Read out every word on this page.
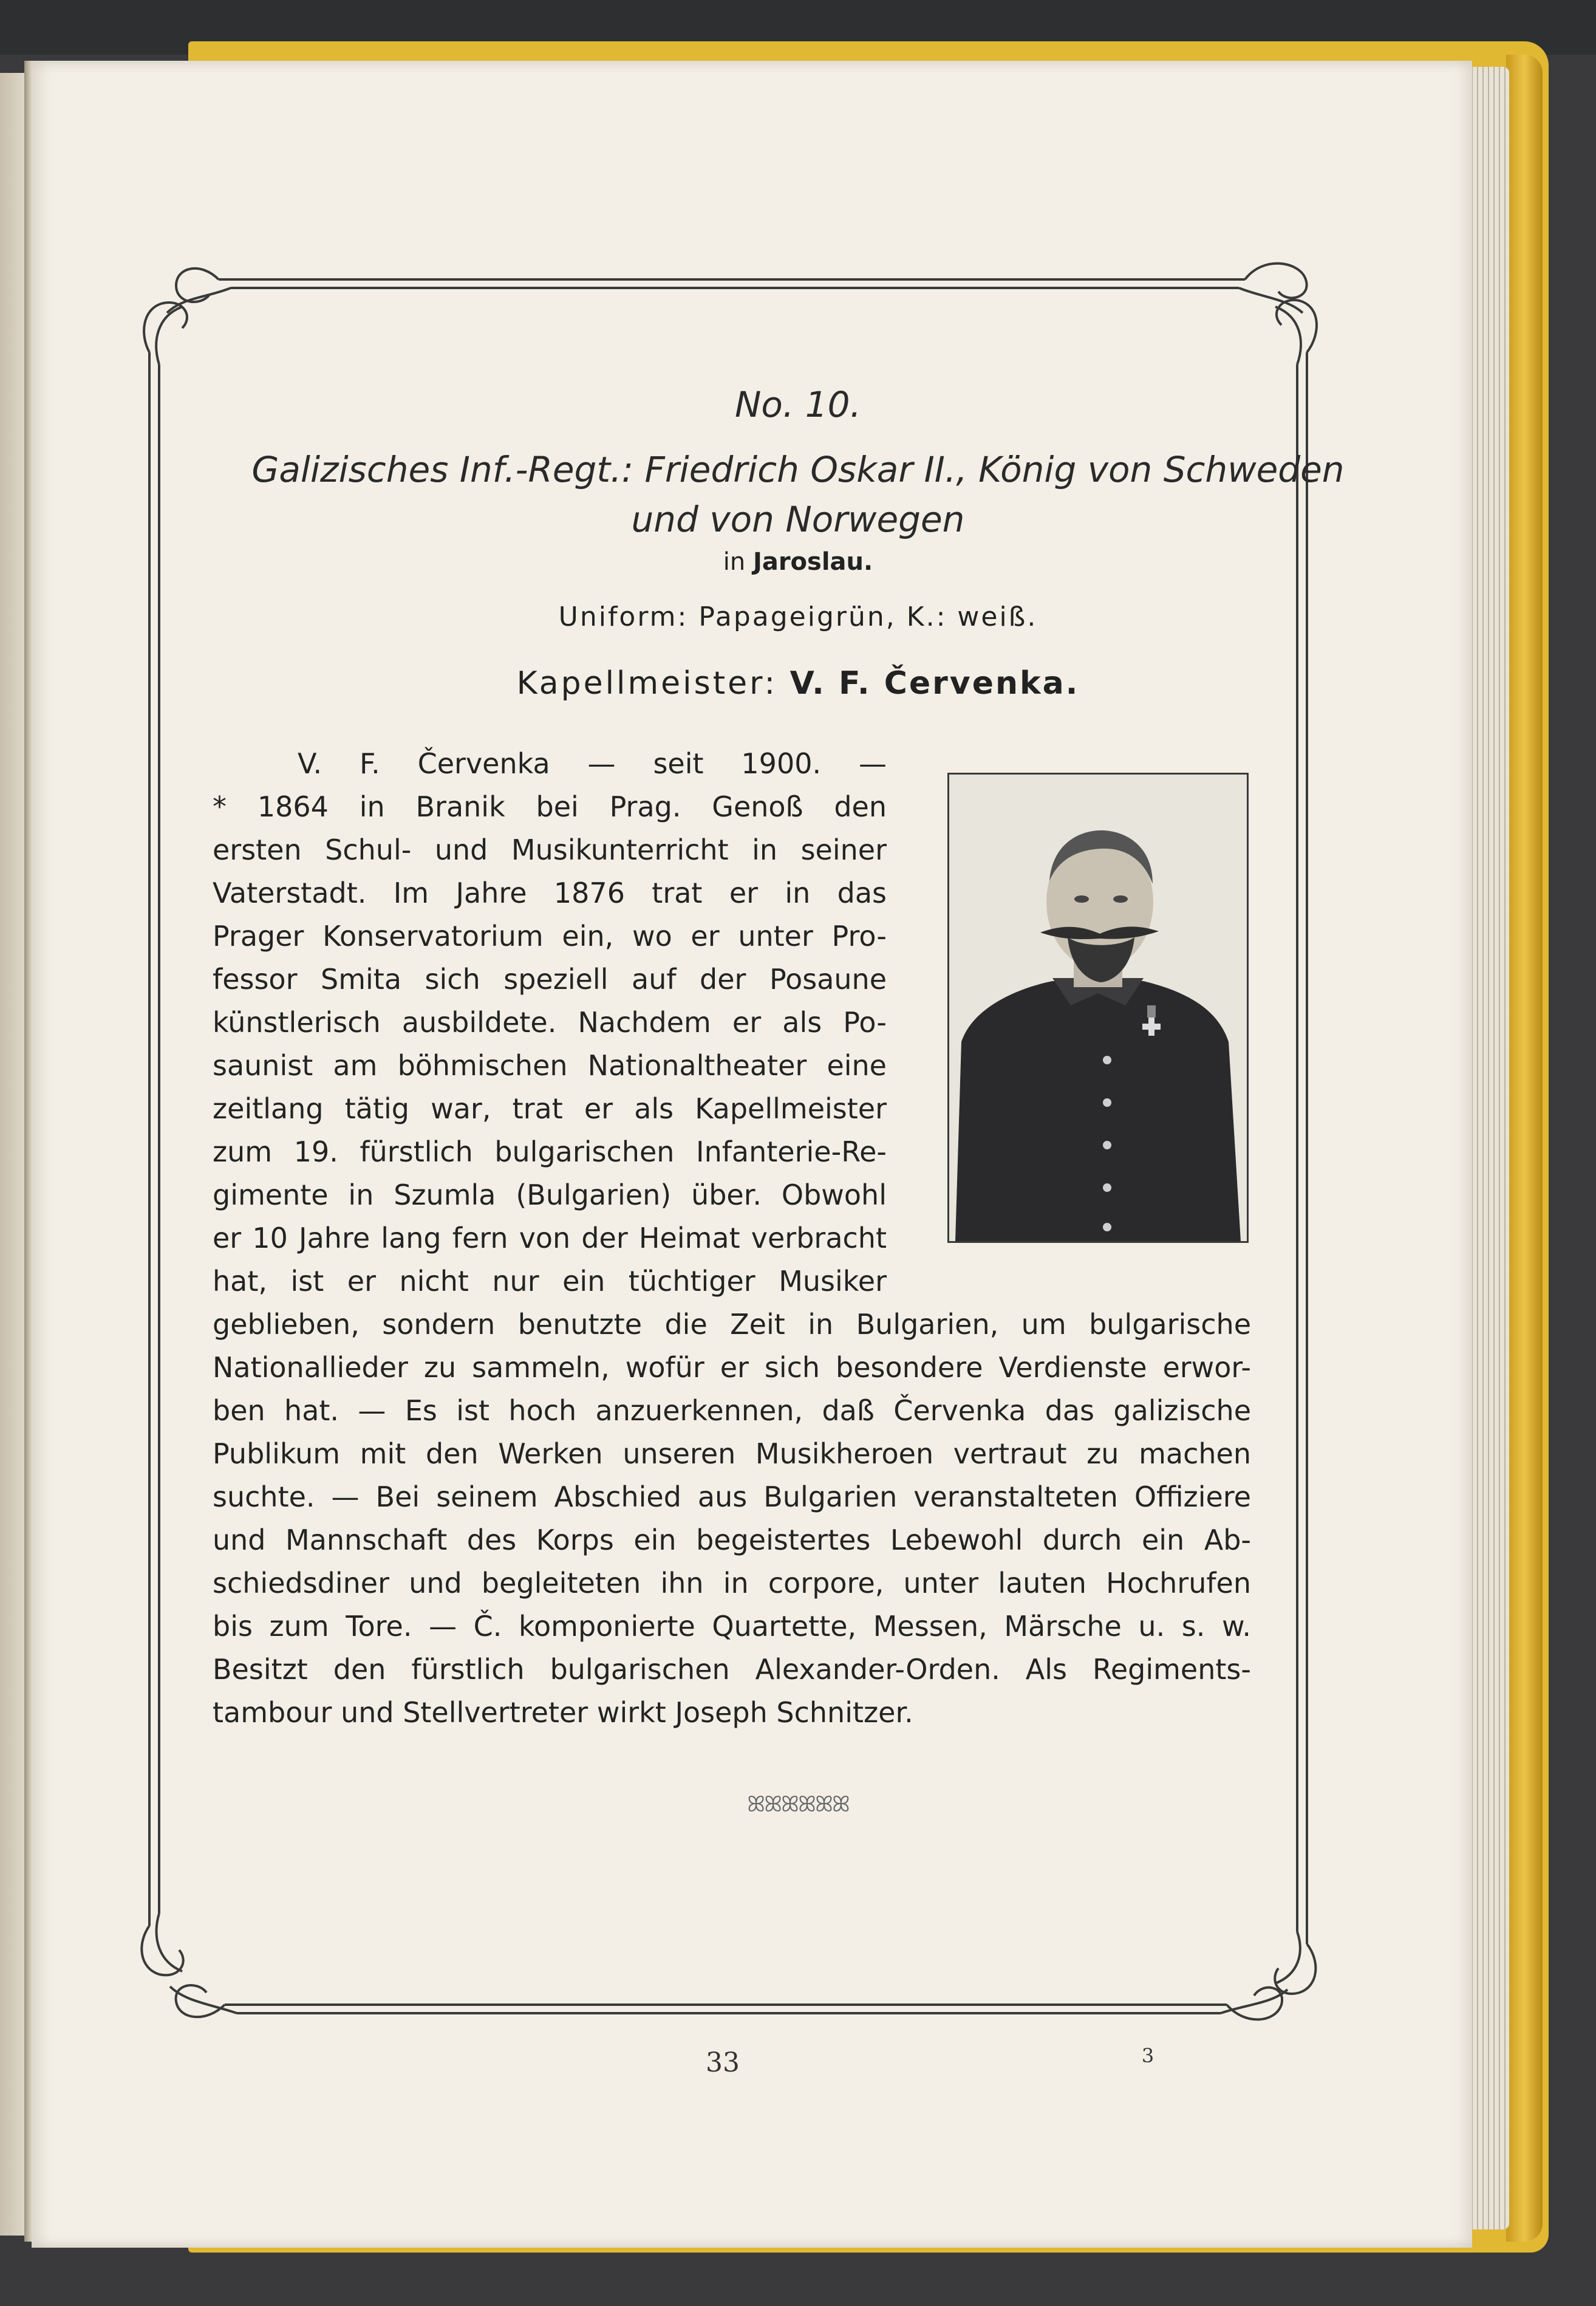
No. 10.
Galizisches Inf.-Regt.: Friedrich Oskar II., König von Schweden
und von Norwegen
in Jaroslau.
Uniform: Papageigrün, K.: weiß.
Kapellmeister: V. F. Červenka.

V. F. Červenka — seit 1900. —

* 1864 in Branik bei Prag. Genoß den

ersten Schul- und Musikunterricht in seiner

Vaterstadt. Im Jahre 1876 trat er in das

Prager Konservatorium ein, wo er unter Pro-

fessor Smita sich speziell auf der Posaune

künstlerisch ausbildete. Nachdem er als Po-

saunist am böhmischen Nationaltheater eine

zeitlang tätig war, trat er als Kapellmeister

zum 19. fürstlich bulgarischen Infanterie-Re-

gimente in Szumla (Bulgarien) über. Obwohl

er 10 Jahre lang fern von der Heimat verbracht

hat, ist er nicht nur ein tüchtiger Musiker

geblieben, sondern benutzte die Zeit in Bulgarien, um bulgarische

Nationallieder zu sammeln, wofür er sich besondere Verdienste erwor-

ben hat. — Es ist hoch anzuerkennen, daß Červenka das galizische

Publikum mit den Werken unseren Musikheroen vertraut zu machen

suchte. — Bei seinem Abschied aus Bulgarien veranstalteten Offiziere

und Mannschaft des Korps ein begeistertes Lebewohl durch ein Ab-

schiedsdiner und begleiteten ihn in corpore, unter lauten Hochrufen

bis zum Tore. — Č. komponierte Quartette, Messen, Märsche u. s. w.

Besitzt den fürstlich bulgarischen Alexander-Orden. Als Regiments-

tambour und Stellvertreter wirkt Joseph Schnitzer.

ꕤꕤꕤꕤꕤꕤ
33	3
